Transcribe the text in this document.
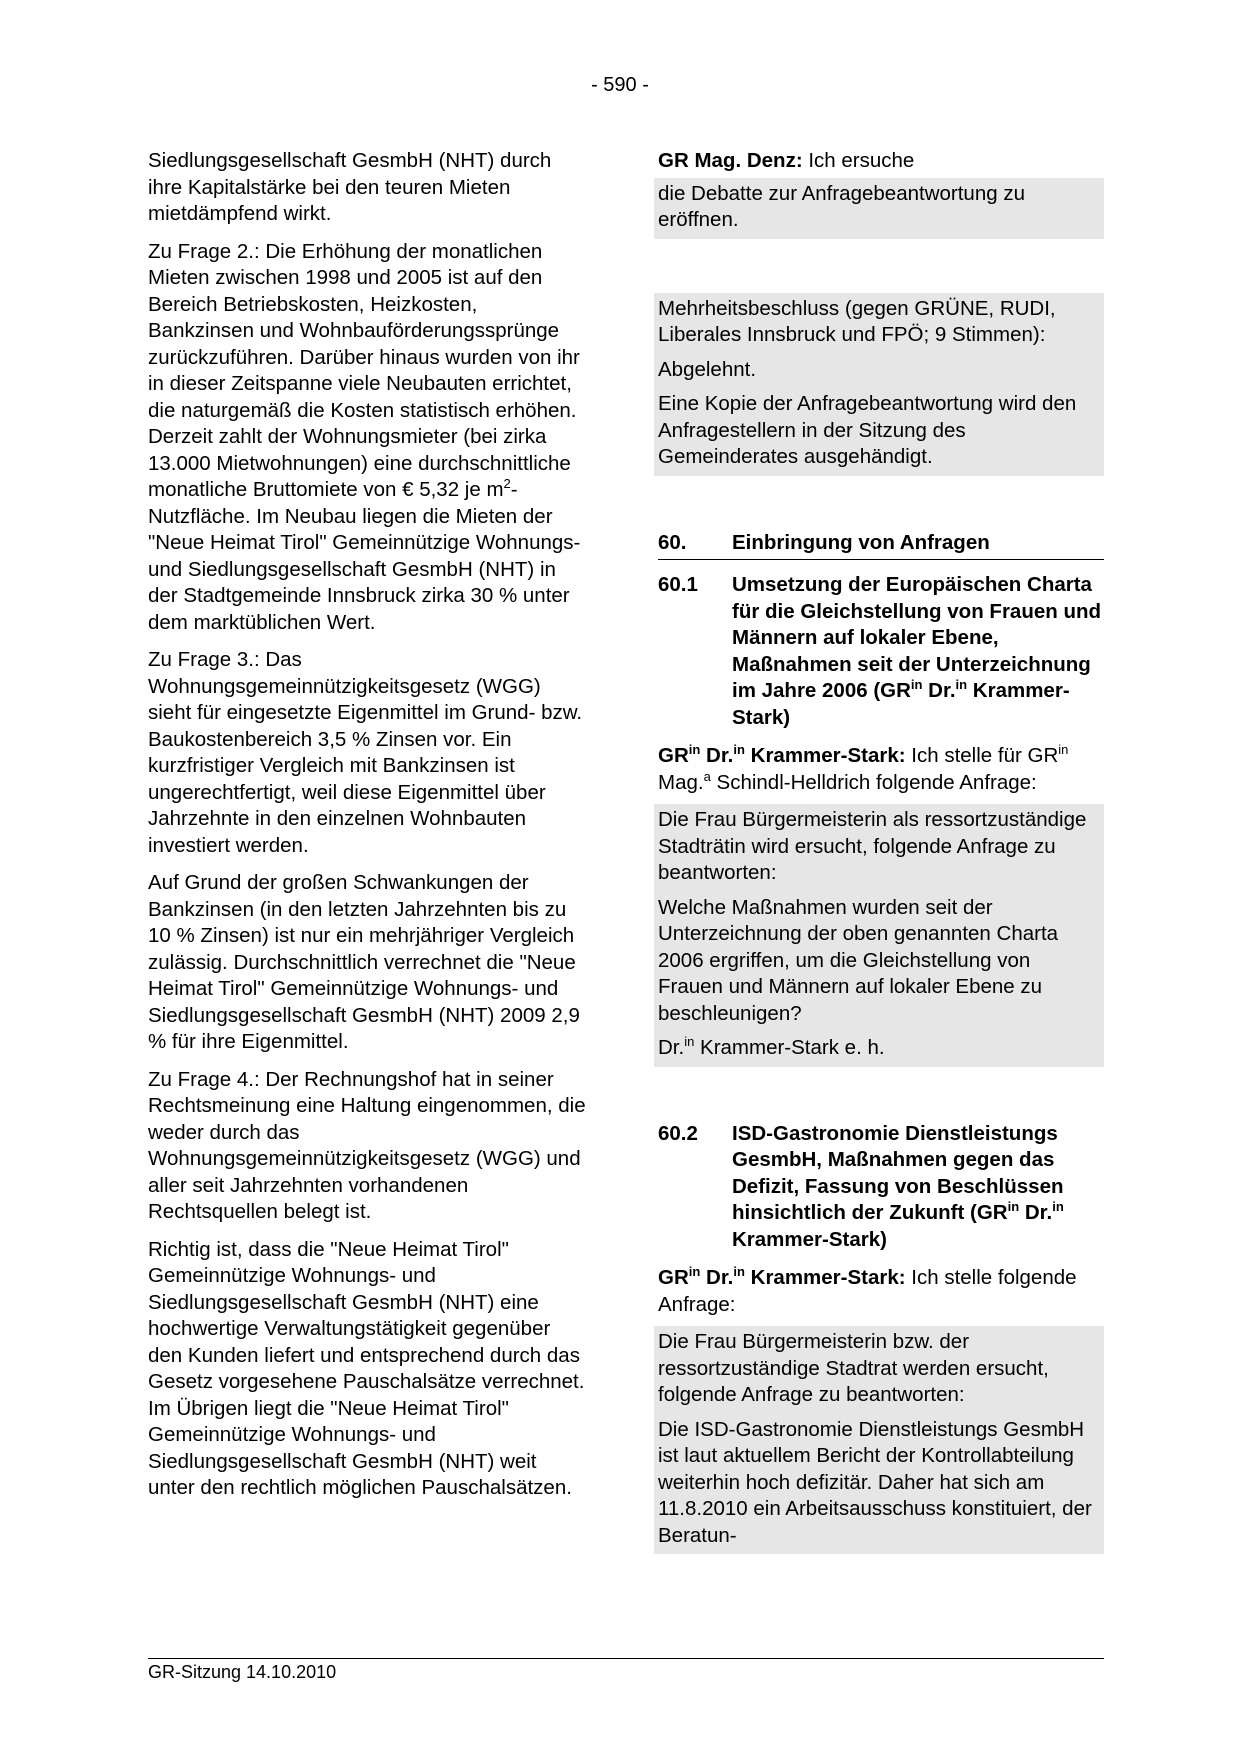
- 590 -

Siedlungsgesellschaft GesmbH (NHT) durch ihre Kapitalstärke bei den teuren Mieten mietdämpfend wirkt.

Zu Frage 2.: Die Erhöhung der monatlichen Mieten zwischen 1998 und 2005 ist auf den Bereich Betriebskosten, Heizkosten, Bankzinsen und Wohnbauförderungssprünge zurückzuführen. Darüber hinaus wurden von ihr in dieser Zeitspanne viele Neubauten errichtet, die naturgemäß die Kosten statistisch erhöhen. Derzeit zahlt der Wohnungsmieter (bei zirka 13.000 Mietwohnungen) eine durchschnittliche monatliche Bruttomiete von € 5,32 je $m^2$-Nutzfläche. Im Neubau liegen die Mieten der "Neue Heimat Tirol" Gemeinnützige Wohnungs- und Siedlungsgesellschaft GesmbH (NHT) in der Stadtgemeinde Innsbruck zirka 30 % unter dem marktüblichen Wert.

Zu Frage 3.: Das Wohnungsgemeinnützigkeitsgesetz (WGG) sieht für eingesetzte Eigenmittel im Grund- bzw. Baukostenbereich 3,5 % Zinsen vor. Ein kurzfristiger Vergleich mit Bankzinsen ist ungerechtfertigt, weil diese Eigenmittel über Jahrzehnte in den einzelnen Wohnbauten investiert werden.

Auf Grund der großen Schwankungen der Bankzinsen (in den letzten Jahrzehnten bis zu 10 % Zinsen) ist nur ein mehrjähriger Vergleich zulässig. Durchschnittlich verrechnet die "Neue Heimat Tirol" Gemeinnützige Wohnungs- und Siedlungsgesellschaft GesmbH (NHT) 2009 2,9 % für ihre Eigenmittel.

Zu Frage 4.: Der Rechnungshof hat in seiner Rechtsmeinung eine Haltung eingenommen, die weder durch das Wohnungsgemeinnützigkeitsgesetz (WGG) und aller seit Jahrzehnten vorhandenen Rechtsquellen belegt ist.

Richtig ist, dass die "Neue Heimat Tirol" Gemeinnützige Wohnungs- und Siedlungsgesellschaft GesmbH (NHT) eine hochwertige Verwaltungstätigkeit gegenüber den Kunden liefert und entsprechend durch das Gesetz vorgesehene Pauschalsätze verrechnet. Im Übrigen liegt die "Neue Heimat Tirol" Gemeinnützige Wohnungs- und Siedlungsgesellschaft GesmbH (NHT) weit unter den rechtlich möglichen Pauschalsätzen.

GR Mag. Denz: Ich ersuche

die Debatte zur Anfragebeantwortung zu eröffnen.

Mehrheitsbeschluss (gegen GRÜNE, RUDI, Liberales Innsbruck und FPÖ; 9 Stimmen):

Abgelehnt.

Eine Kopie der Anfragebeantwortung wird den Anfragestellern in der Sitzung des Gemeinderates ausgehändigt.

60.	Einbringung von Anfragen
60.1	Umsetzung der Europäischen Charta für die Gleichstellung von Frauen und Männern auf lokaler Ebene, Maßnahmen seit der Unterzeichnung im Jahre 2006 ($GR^{in}$ Dr.$^{in}$ Krammer-Stark)

$GR^{in}$ Dr.$^{in}$ Krammer-Stark: Ich stelle für $GR^{in}$ Mag.$^a$ Schindl-Helldrich folgende Anfrage:

Die Frau Bürgermeisterin als ressortzuständige Stadträtin wird ersucht, folgende Anfrage zu beantworten:

Welche Maßnahmen wurden seit der Unterzeichnung der oben genannten Charta 2006 ergriffen, um die Gleichstellung von Frauen und Männern auf lokaler Ebene zu beschleunigen?

Dr.$^{in}$ Krammer-Stark e. h.

60.2	ISD-Gastronomie Dienstleistungs GesmbH, Maßnahmen gegen das Defizit, Fassung von Beschlüssen hinsichtlich der Zukunft ($GR^{in}$ Dr.$^{in}$ Krammer-Stark)

$GR^{in}$ Dr.$^{in}$ Krammer-Stark: Ich stelle folgende Anfrage:

Die Frau Bürgermeisterin bzw. der ressortzuständige Stadtrat werden ersucht, folgende Anfrage zu beantworten:

Die ISD-Gastronomie Dienstleistungs GesmbH ist laut aktuellem Bericht der Kontrollabteilung weiterhin hoch defizitär. Daher hat sich am 11.8.2010 ein Arbeitsausschuss konstituiert, der Beratun-

GR-Sitzung 14.10.2010
